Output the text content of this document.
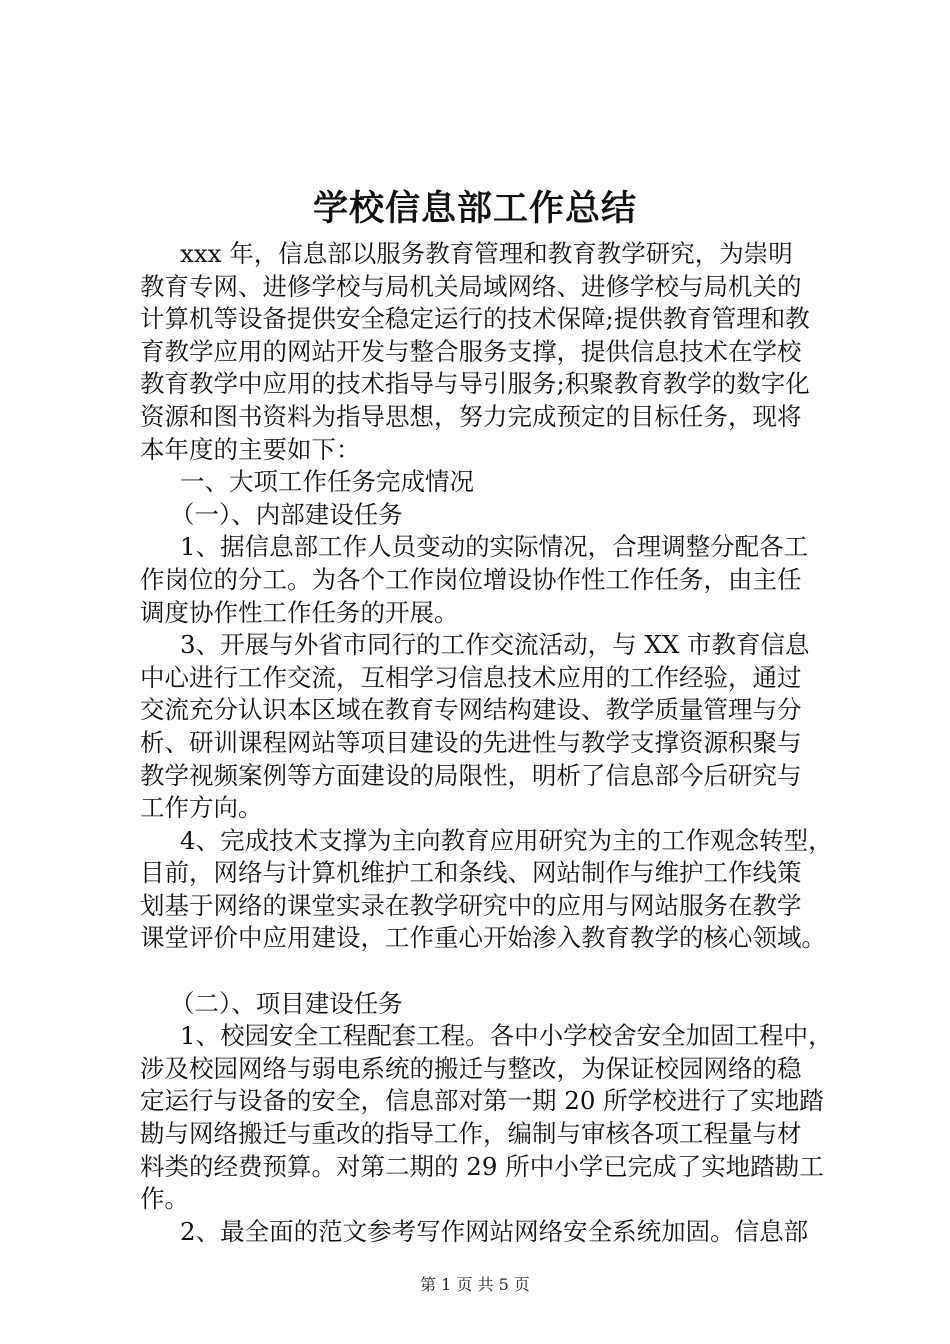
学校信息部工作总结
xxx 年，信息部以服务教育管理和教育教学研究，为崇明
教育专网、进修学校与局机关局域网络、进修学校与局机关的
计算机等设备提供安全稳定运行的技术保障;提供教育管理和教
育教学应用的网站开发与整合服务支撑，提供信息技术在学校
教育教学中应用的技术指导与导引服务;积聚教育教学的数字化
资源和图书资料为指导思想，努力完成预定的目标任务，现将
本年度的主要如下：
一、大项工作任务完成情况
（一）、内部建设任务
1、据信息部工作人员变动的实际情况，合理调整分配各工
作岗位的分工。为各个工作岗位增设协作性工作任务，由主任
调度协作性工作任务的开展。
3、开展与外省市同行的工作交流活动，与 XX 市教育信息
中心进行工作交流，互相学习信息技术应用的工作经验，通过
交流充分认识本区域在教育专网结构建设、教学质量管理与分
析、研训课程网站等项目建设的先进性与教学支撑资源积聚与
教学视频案例等方面建设的局限性，明析了信息部今后研究与
工作方向。
4、完成技术支撑为主向教育应用研究为主的工作观念转型，
目前，网络与计算机维护工和条线、网站制作与维护工作线策
划基于网络的课堂实录在教学研究中的应用与网站服务在教学
课堂评价中应用建设，工作重心开始渗入教育教学的核心领域。
（二）、项目建设任务
1、校园安全工程配套工程。各中小学校舍安全加固工程中，
涉及校园网络与弱电系统的搬迁与整改，为保证校园网络的稳
定运行与设备的安全，信息部对第一期 20 所学校进行了实地踏
勘与网络搬迁与重改的指导工作，编制与审核各项工程量与材
料类的经费预算。对第二期的 29 所中小学已完成了实地踏勘工
作。
2、最全面的范文参考写作网站网络安全系统加固。信息部
第 1 页 共 5 页
